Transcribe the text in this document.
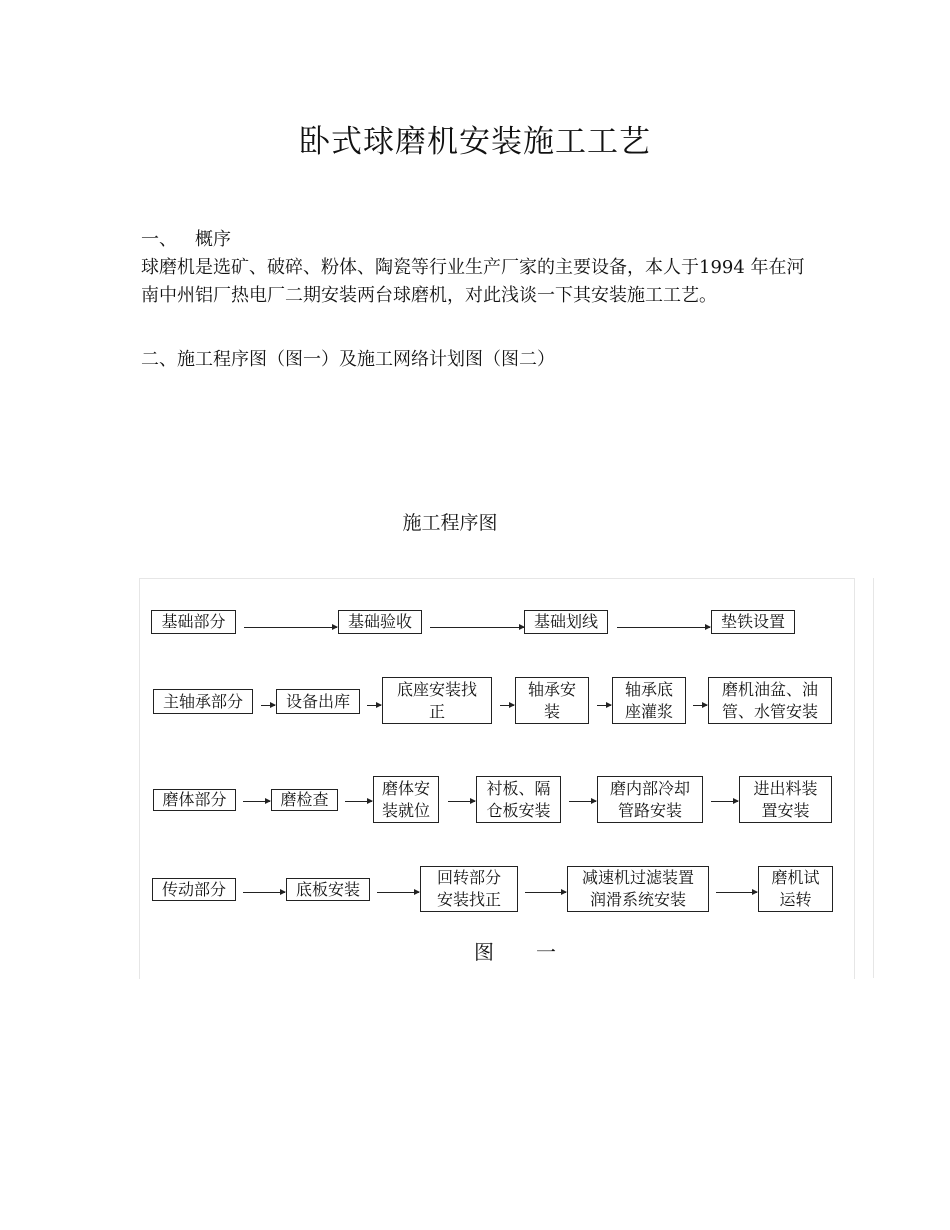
卧式球磨机安装施工工艺
一、 概序
球磨机是选矿、破碎、粉体、陶瓷等行业生产厂家的主要设备，本人于1994 年在河南中州铝厂热电厂二期安装两台球磨机，对此浅谈一下其安装施工工艺。
二、施工程序图（图一）及施工网络计划图（图二）
施工程序图
基础部分	基础验收	基础划线	垫铁设置
主轴承部分	设备出库
底座安装找
正
轴承安
装
轴承底
座灌浆
磨机油盆、油
管、水管安装
磨体部分	磨检查
磨体安
装就位
衬板、隔
仓板安装
磨内部冷却
管路安装
进出料装
置安装
传动部分	底板安装
回转部分
安装找正
减速机过滤装置
润滑系统安装
磨机试
运转
图一
